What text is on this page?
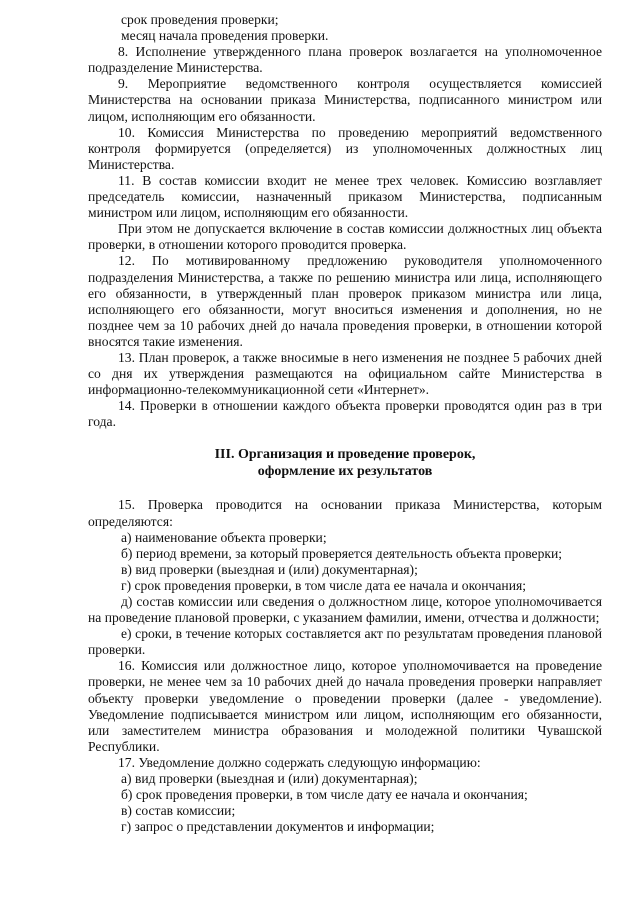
срок проведения проверки;

месяц начала проведения проверки.

8. Исполнение утвержденного плана проверок возлагается на уполномоченное подразделение Министерства.

9. Мероприятие ведомственного контроля осуществляется комиссией Министерства на основании приказа Министерства, подписанного министром или лицом, исполняющим его обязанности.

10. Комиссия Министерства по проведению мероприятий ведомственного контроля формируется (определяется) из уполномоченных должностных лиц Министерства.

11. В состав комиссии входит не менее трех человек. Комиссию возглавляет председатель комиссии, назначенный приказом Министерства, подписанным министром или лицом, исполняющим его обязанности.

При этом не допускается включение в состав комиссии должностных лиц объекта проверки, в отношении которого проводится проверка.

12. По мотивированному предложению руководителя уполномоченного подразделения Министерства, а также по решению министра или лица, исполняющего его обязанности, в утвержденный план проверок приказом министра или лица, исполняющего его обязанности, могут вноситься изменения и дополнения, но не позднее чем за 10 рабочих дней до начала проведения проверки, в отношении которой вносятся такие изменения.

13. План проверок, а также вносимые в него изменения не позднее 5 рабочих дней со дня их утверждения размещаются на официальном сайте Министерства в информационно-телекоммуникационной сети «Интернет».

14. Проверки в отношении каждого объекта проверки проводятся один раз в три года.

III. Организация и проведение проверок,
оформление их результатов

15. Проверка проводится на основании приказа Министерства, которым определяются:

а) наименование объекта проверки;

б) период времени, за который проверяется деятельность объекта проверки;

в) вид проверки (выездная и (или) документарная);

г) срок проведения проверки, в том числе дата ее начала и окончания;

д) состав комиссии или сведения о должностном лице, которое уполномочивается на проведение плановой проверки, с указанием фамилии, имени, отчества и должности;

е) сроки, в течение которых составляется акт по результатам проведения плановой проверки.

16. Комиссия или должностное лицо, которое уполномочивается на проведение проверки, не менее чем за 10 рабочих дней до начала проведения проверки направляет объекту проверки уведомление о проведении проверки (далее - уведомление). Уведомление подписывается министром или лицом, исполняющим его обязанности, или заместителем министра образования и молодежной политики Чувашской Республики.

17. Уведомление должно содержать следующую информацию:

а) вид проверки (выездная и (или) документарная);

б) срок проведения проверки, в том числе дату ее начала и окончания;

в) состав комиссии;

г) запрос о представлении документов и информации;
